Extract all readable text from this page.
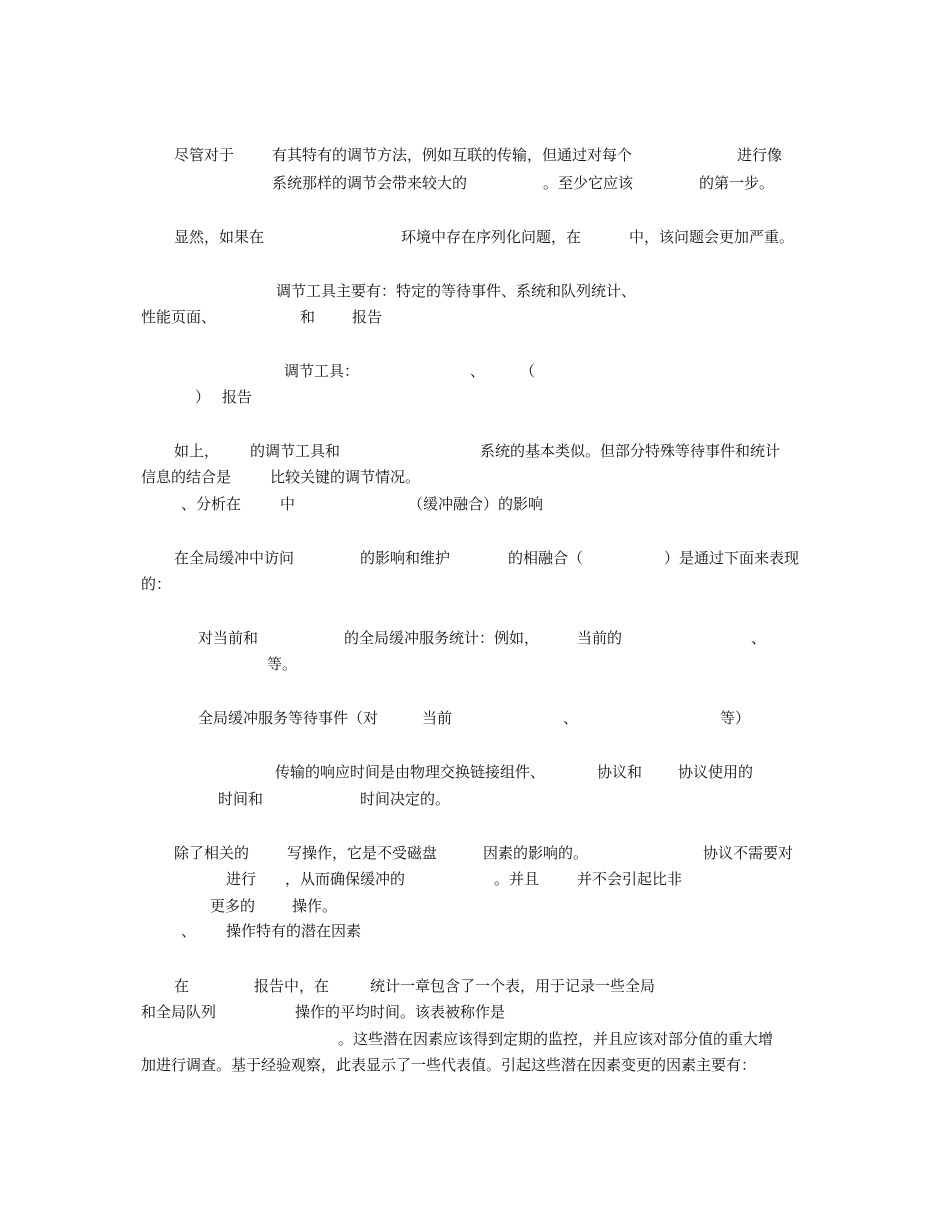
尽管对于	有其特有的调节方法，例如互联的传输，但通过对每个	进行像
系统那样的调节会带来较大的	。至少它应该	的第一步。
显然，如果在	环境中存在序列化问题，在	中，该问题会更加严重。
调节工具主要有：特定的等待事件、系统和队列统计、
性能页面、	和 报告
调节工具：	、 （
） 报告
如上， 的调节工具和	系统的基本类似。但部分特殊等待事件和统计
信息的结合是	比较关键的调节情况。
、分析在	中	（缓冲融合）的影响
在全局缓冲中访问	的影响和维护	的相融合（	）是通过下面来表现
的：
对当前和	的全局缓冲服务统计：例如，	当前的	、
等。
全局缓冲服务等待事件（对	当前	、	等）
传输的响应时间是由物理交换链接组件、	协议和 协议使用的
时间和	时间决定的。
除了相关的	写操作，它是不受磁盘	因素的影响的。	协议不需要对
进行 ，从而确保缓冲的	。并且	并不会引起比非
更多的 操作。
、 操作特有的潜在因素
在	报告中，在	统计一章包含了一个表，用于记录一些全局
和全局队列	操作的平均时间。该表被称作是
。这些潜在因素应该得到定期的监控，并且应该对部分值的重大增
加进行调查。基于经验观察，此表显示了一些代表值。引起这些潜在因素变更的因素主要有：
